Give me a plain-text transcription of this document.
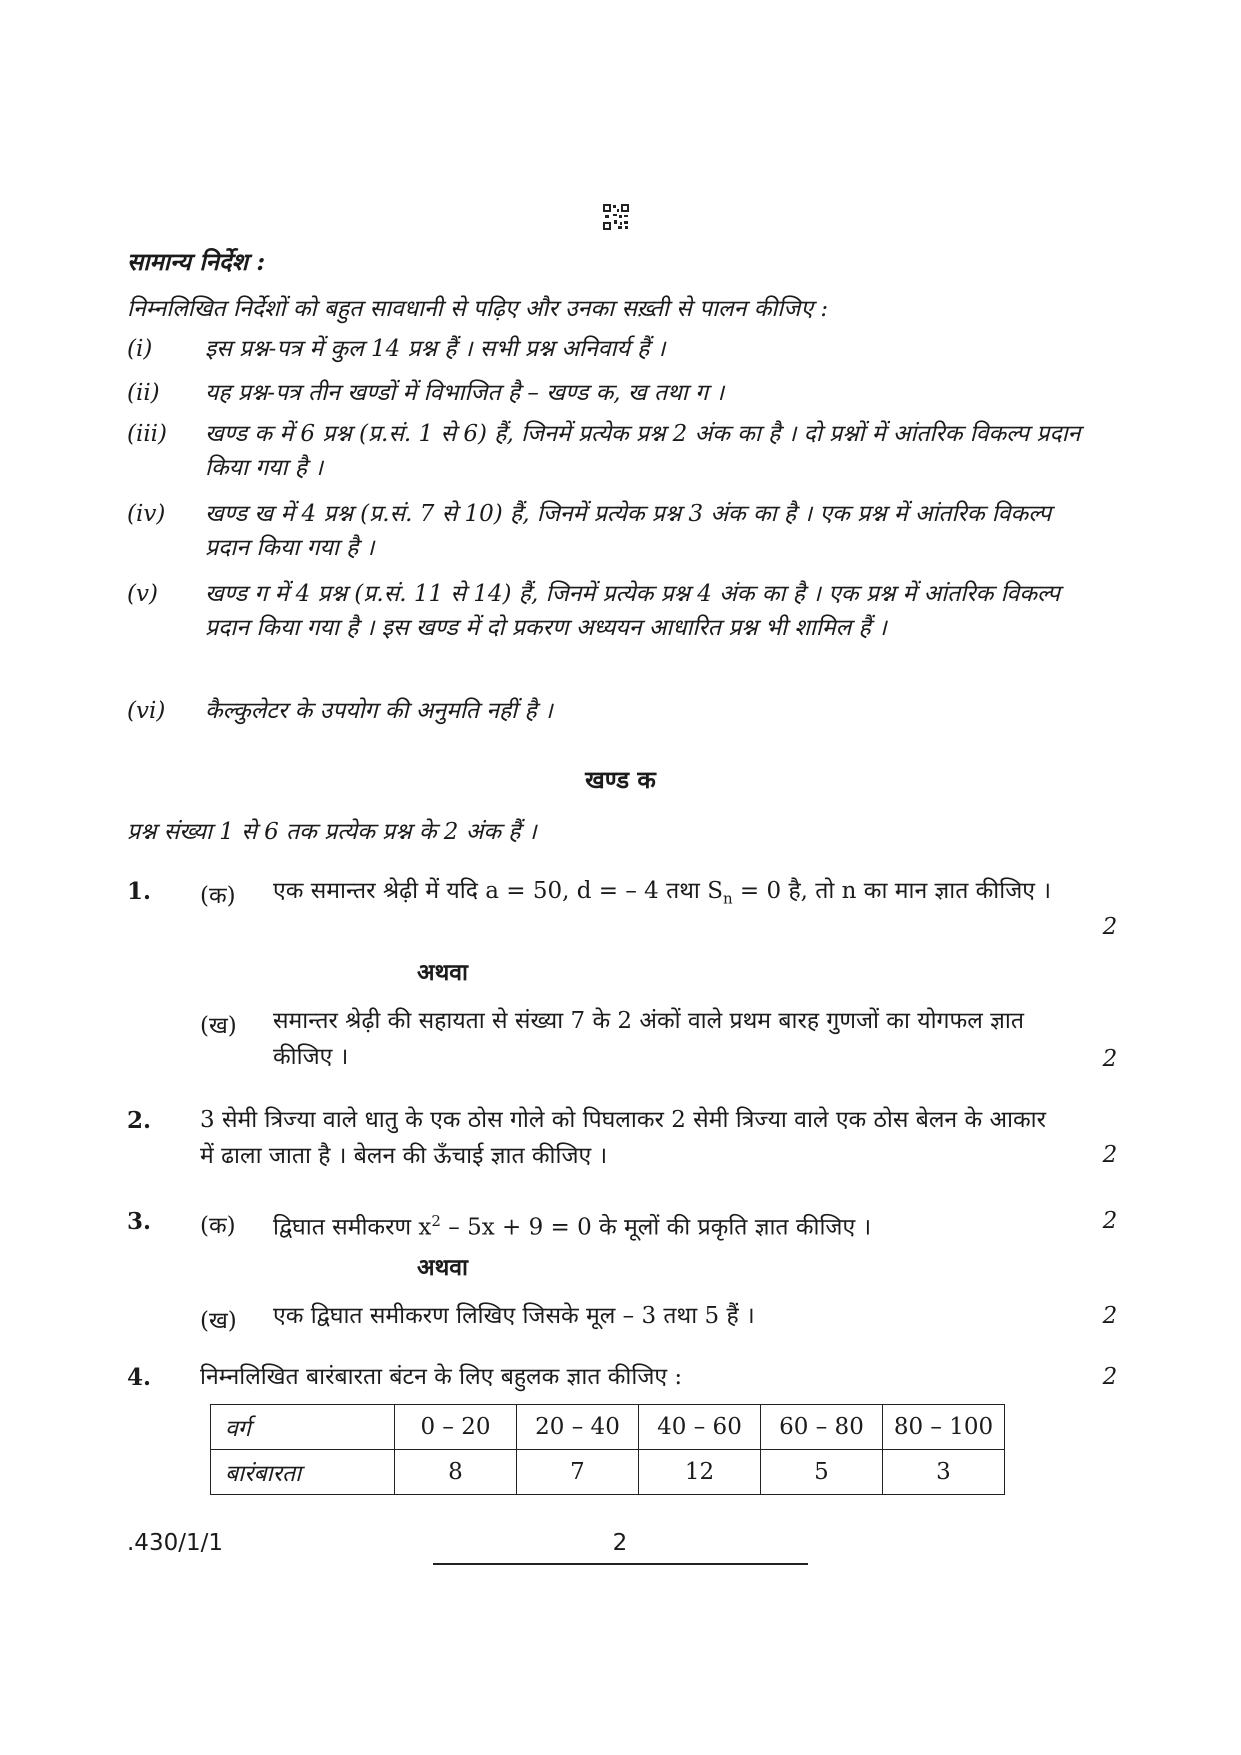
सामान्य निर्देश :
निम्नलिखित निर्देशों को बहुत सावधानी से पढ़िए और उनका सख़्ती से पालन कीजिए :
(i)	इस प्रश्न-पत्र में कुल 14 प्रश्न हैं । सभी प्रश्न अनिवार्य हैं ।
(ii)	यह प्रश्न-पत्र तीन खण्डों में विभाजित है – खण्ड क, ख तथा ग ।
(iii)	खण्ड क में 6 प्रश्न (प्र.सं. 1 से 6) हैं, जिनमें प्रत्येक प्रश्न 2 अंक का है । दो प्रश्नों में आंतरिक विकल्प प्रदान किया गया है ।
(iv)	खण्ड ख में 4 प्रश्न (प्र.सं. 7 से 10) हैं, जिनमें प्रत्येक प्रश्न 3 अंक का है । एक प्रश्न में आंतरिक विकल्प प्रदान किया गया है ।
(v)	खण्ड ग में 4 प्रश्न (प्र.सं. 11 से 14) हैं, जिनमें प्रत्येक प्रश्न 4 अंक का है । एक प्रश्न में आंतरिक विकल्प प्रदान किया गया है । इस खण्ड में दो प्रकरण अध्ययन आधारित प्रश्न भी शामिल हैं ।
(vi)	कैल्कुलेटर के उपयोग की अनुमति नहीं है ।
खण्ड क
प्रश्न संख्या 1 से 6 तक प्रत्येक प्रश्न के 2 अंक हैं ।
1. (क) एक समान्तर श्रेढ़ी में यदि a = 50, d = – 4 तथा $S_n = 0$ है, तो n का मान ज्ञात कीजिए ।
2
अथवा
(ख) समान्तर श्रेढ़ी की सहायता से संख्या 7 के 2 अंकों वाले प्रथम बारह गुणजों का योगफल ज्ञात कीजिए ।	2
2. 3 सेमी त्रिज्या वाले धातु के एक ठोस गोले को पिघलाकर 2 सेमी त्रिज्या वाले एक ठोस बेलन के आकार में ढाला जाता है । बेलन की ऊँचाई ज्ञात कीजिए ।	2
3. (क) द्विघात समीकरण $x^2 - 5x + 9 = 0$ के मूलों की प्रकृति ज्ञात कीजिए ।	2
अथवा
(ख) एक द्विघात समीकरण लिखिए जिसके मूल – 3 तथा 5 हैं ।	2
4. निम्नलिखित बारंबारता बंटन के लिए बहुलक ज्ञात कीजिए :	2
वर्ग	0 – 20	20 – 40	40 – 60	60 – 80	80 – 100
बारंबारता	8	7	12	5	3
.430/1/1	2
